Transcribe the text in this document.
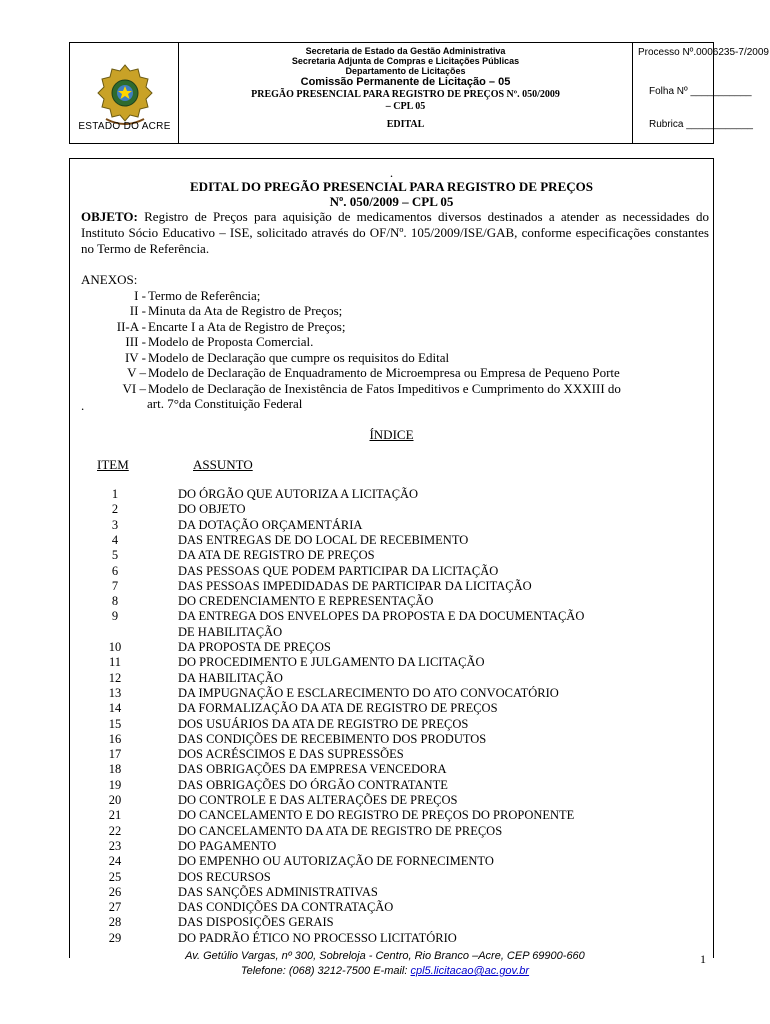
ESTADO DO ACRE
Secretaria de Estado da Gestão Administrativa
Secretaria Adjunta de Compras e Licitações Públicas
Departamento de Licitações
Comissão Permanente de Licitação – 05
PREGÃO PRESENCIAL PARA REGISTRO DE PREÇOS Nº. 050/2009
– CPL 05
EDITAL
Processo Nº.0006235-7/2009
Folha Nº ___________
Rubrica ____________
.
EDITAL DO PREGÃO PRESENCIAL PARA REGISTRO DE PREÇOS
Nº. 050/2009 – CPL 05
OBJETO: Registro de Preços para aquisição de medicamentos diversos destinados a atender as necessidades do Instituto Sócio Educativo – ISE, solicitado através do OF/Nº. 105/2009/ISE/GAB, conforme especificações constantes no Termo de Referência.
ANEXOS:
I - Termo de Referência;
II - Minuta da Ata de Registro de Preços;
II-A - Encarte I a Ata de Registro de Preços;
III - Modelo de Proposta Comercial.
IV - Modelo de Declaração que cumpre os requisitos do Edital
V – Modelo de Declaração de Enquadramento de Microempresa ou Empresa de Pequeno Porte
VI – Modelo de Declaração de Inexistência de Fatos Impeditivos e Cumprimento do XXXIII do
.	art. 7°da Constituição Federal
ÍNDICE
ITEM	ASSUNTO
1	DO ÓRGÃO QUE AUTORIZA A LICITAÇÃO
2	DO OBJETO
3	DA DOTAÇÃO ORÇAMENTÁRIA
4	DAS ENTREGAS DE DO LOCAL DE RECEBIMENTO
5	DA ATA DE REGISTRO DE PREÇOS
6	DAS PESSOAS QUE PODEM PARTICIPAR DA LICITAÇÃO
7	DAS PESSOAS IMPEDIDADAS DE PARTICIPAR DA LICITAÇÃO
8	DO CREDENCIAMENTO E REPRESENTAÇÃO
9	DA ENTREGA DOS ENVELOPES DA PROPOSTA E DA DOCUMENTAÇÃO
DE HABILITAÇÃO
10	DA PROPOSTA DE PREÇOS
11	DO PROCEDIMENTO E JULGAMENTO DA LICITAÇÃO
12	DA HABILITAÇÃO
13	DA IMPUGNAÇÃO E ESCLARECIMENTO DO ATO CONVOCATÓRIO
14	DA FORMALIZAÇÃO DA ATA DE REGISTRO DE PREÇOS
15	DOS USUÁRIOS DA ATA DE REGISTRO DE PREÇOS
16	DAS CONDIÇÕES DE RECEBIMENTO DOS PRODUTOS
17	DOS ACRÉSCIMOS E DAS SUPRESSÕES
18	DAS OBRIGAÇÕES DA EMPRESA VENCEDORA
19	DAS OBRIGAÇÕES DO ÓRGÃO CONTRATANTE
20	DO CONTROLE E DAS ALTERAÇÕES DE PREÇOS
21	DO CANCELAMENTO E DO REGISTRO DE PREÇOS DO PROPONENTE
22	DO CANCELAMENTO DA ATA DE REGISTRO DE PREÇOS
23	DO PAGAMENTO
24	DO EMPENHO OU AUTORIZAÇÃO DE FORNECIMENTO
25	DOS RECURSOS
26	DAS SANÇÕES ADMINISTRATIVAS
27	DAS CONDIÇÕES DA CONTRATAÇÃO
28	DAS DISPOSIÇÕES GERAIS
29	DO PADRÃO ÉTICO NO PROCESSO LICITATÓRIO
Av. Getúlio Vargas, nº 300, Sobreloja - Centro, Rio Branco –Acre, CEP 69900-660
Telefone: (068) 3212-7500 E-mail: cpl5.licitacao@ac.gov.br
1
